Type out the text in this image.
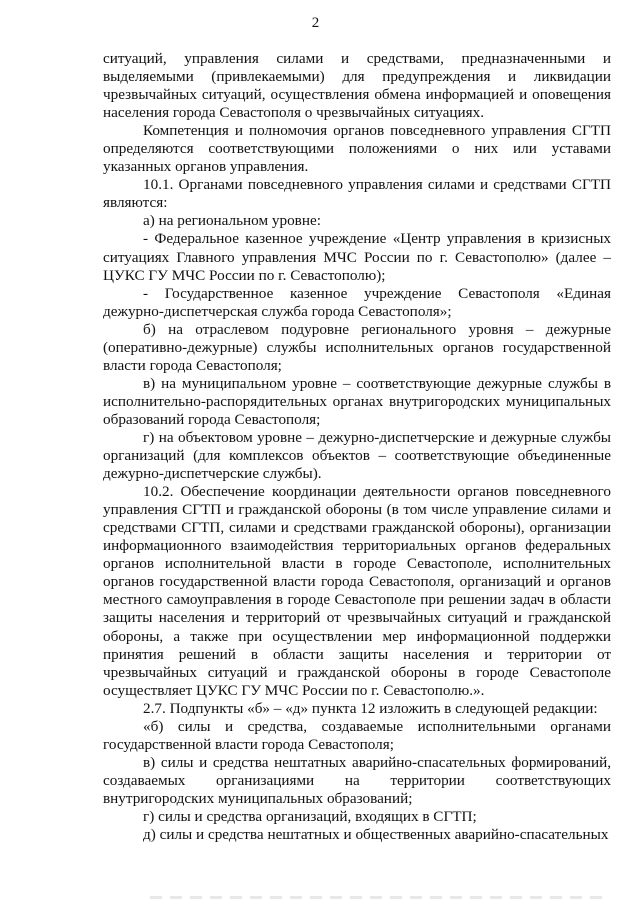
2

ситуаций, управления силами и средствами, предназначенными и выделяемыми (привлекаемыми) для предупреждения и ликвидации чрезвычайных ситуаций, осуществления обмена информацией и оповещения населения города Севастополя о чрезвычайных ситуациях.

Компетенция и полномочия органов повседневного управления СГТП определяются соответствующими положениями о них или уставами указанных органов управления.

10.1. Органами повседневного управления силами и средствами СГТП являются:

а) на региональном уровне:

- Федеральное казенное учреждение «Центр управления в кризисных ситуациях Главного управления МЧС России по г. Севастополю» (далее – ЦУКС ГУ МЧС России по г. Севастополю);

- Государственное казенное учреждение Севастополя «Единая дежурно-диспетчерская служба города Севастополя»;

б) на отраслевом подуровне регионального уровня – дежурные (оперативно-дежурные) службы исполнительных органов государственной власти города Севастополя;

в) на муниципальном уровне – соответствующие дежурные службы в исполнительно-распорядительных органах внутригородских муниципальных образований города Севастополя;

г) на объектовом уровне – дежурно-диспетчерские и дежурные службы организаций (для комплексов объектов – соответствующие объединенные дежурно-диспетчерские службы).

10.2. Обеспечение координации деятельности органов повседневного управления СГТП и гражданской обороны (в том числе управление силами и средствами СГТП, силами и средствами гражданской обороны), организации информационного взаимодействия территориальных органов федеральных органов исполнительной власти в городе Севастополе, исполнительных органов государственной власти города Севастополя, организаций и органов местного самоуправления в городе Севастополе при решении задач в области защиты населения и территорий от чрезвычайных ситуаций и гражданской обороны, а также при осуществлении мер информационной поддержки принятия решений в области защиты населения и территории от чрезвычайных ситуаций и гражданской обороны в городе Севастополе осуществляет ЦУКС ГУ МЧС России по г. Севастополю.».

2.7. Подпункты «б» – «д» пункта 12 изложить в следующей редакции:

«б) силы и средства, создаваемые исполнительными органами государственной власти города Севастополя;

в) силы и средства нештатных аварийно-спасательных формирований, создаваемых организациями на территории соответствующих внутригородских муниципальных образований;

г) силы и средства организаций, входящих в СГТП;

д) силы и средства нештатных и общественных аварийно-спасательных
